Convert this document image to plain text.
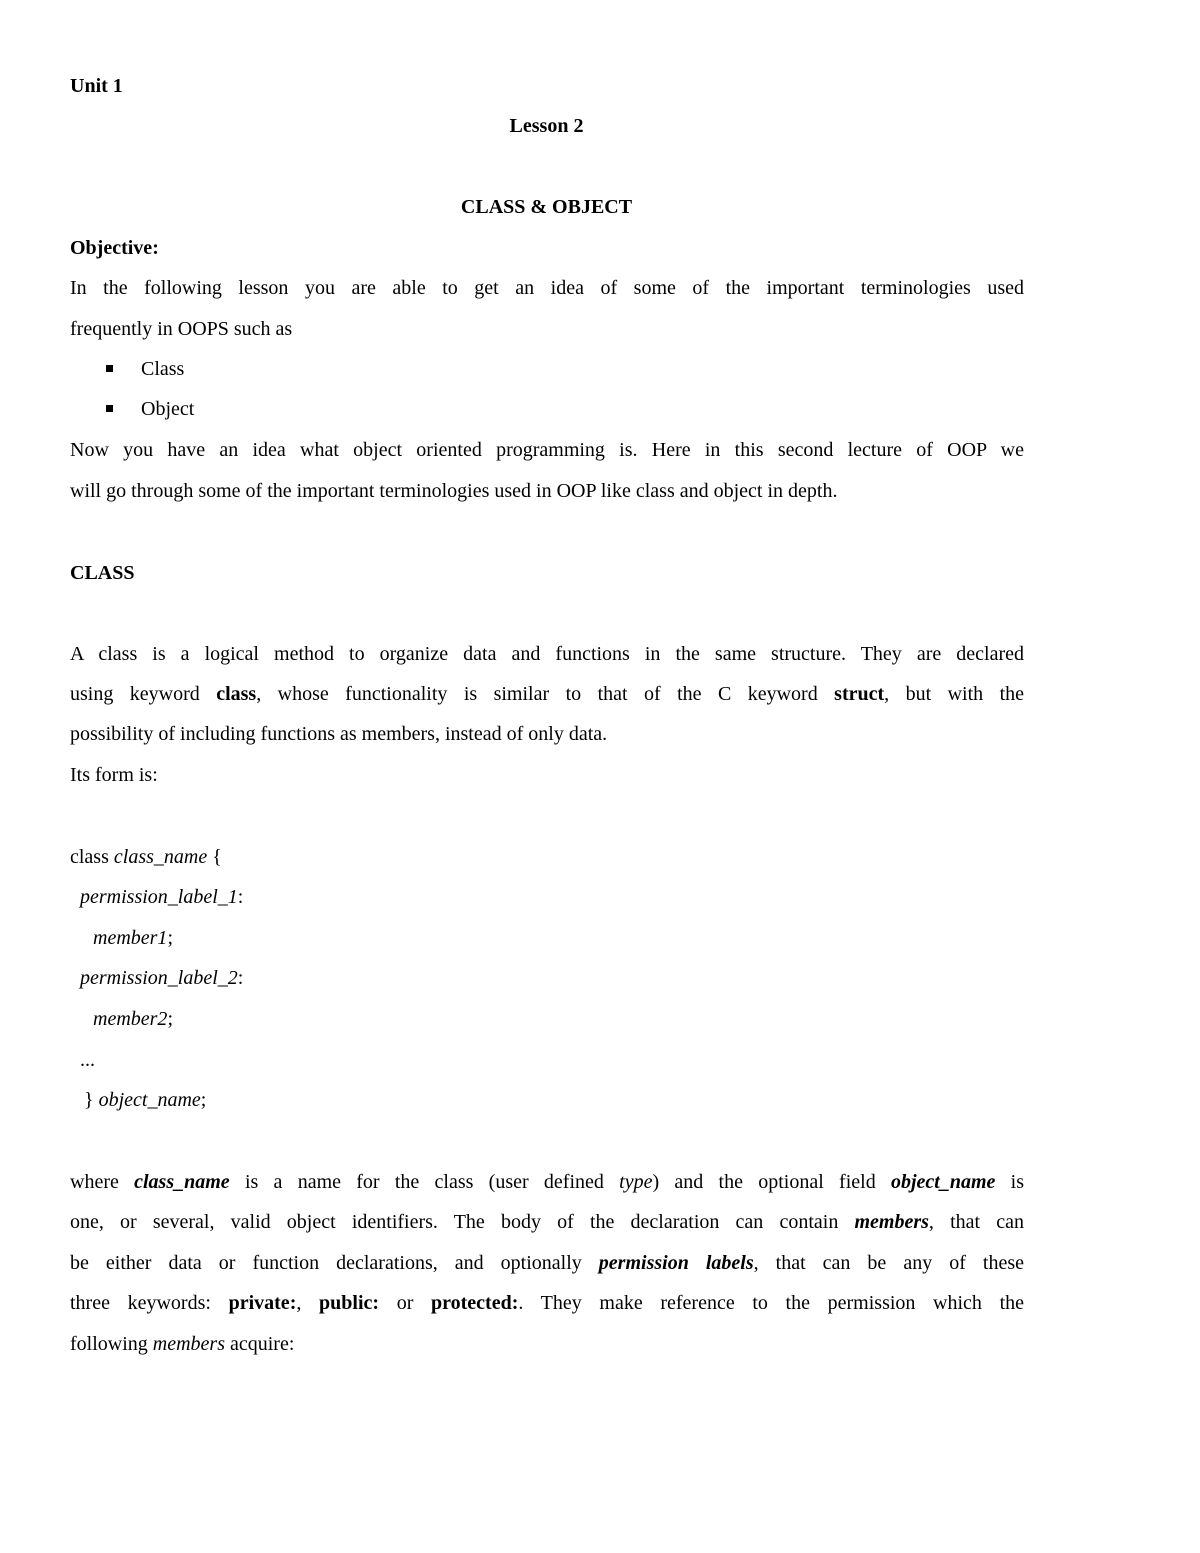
Unit 1
Lesson 2
CLASS & OBJECT
Objective:
In the following lesson you are able to get an idea of some of the important terminologies used
frequently in OOPS such as
Class
Object
Now you have an idea what object oriented programming is. Here in this second lecture of OOP we
will go through some of the important terminologies used in OOP like class and object in depth.
CLASS
A class is a logical method to organize data and functions in the same structure. They are declared
using keyword class, whose functionality is similar to that of the C keyword struct, but with the
possibility of including functions as members, instead of only data.
Its form is:
class class_name {
permission_label_1:
member1;
permission_label_2:
member2;
...
} object_name;
where class_name is a name for the class (user defined type) and the optional field object_name is
one, or several, valid object identifiers. The body of the declaration can contain members, that can
be either data or function declarations, and optionally permission labels, that can be any of these
three keywords: private:, public: or protected:. They make reference to the permission which the
following members acquire:
